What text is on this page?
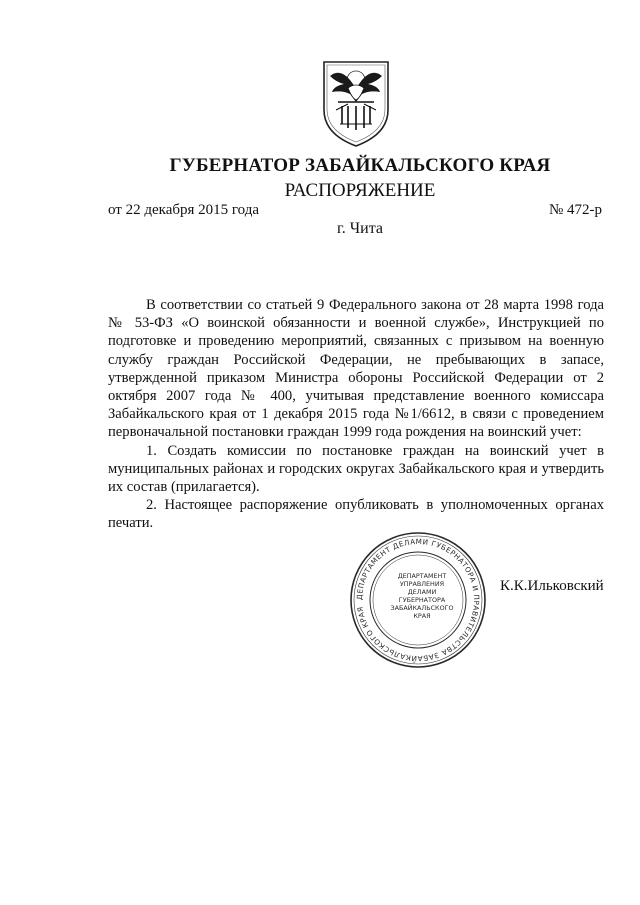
ГУБЕРНАТОР ЗАБАЙКАЛЬСКОГО КРАЯ
РАСПОРЯЖЕНИЕ
от 22 декабря 2015 года	№ 472-р
г. Чита

В соответствии со статьей 9 Федерального закона от 28 марта 1998 года № 53-ФЗ «О воинской обязанности и военной службе», Инструкцией по подготовке и проведению мероприятий, связанных с призывом на военную службу граждан Российской Федерации, не пребывающих в запасе, утвержденной приказом Министра обороны Российской Федерации от 2 октября 2007 года № 400, учитывая представление военного комиссара Забайкальского края от 1 декабря 2015 года №1/6612, в связи с проведением первоначальной постановки граждан 1999 года рождения на воинский учет:

1. Создать комиссии по постановке граждан на воинский учет в муниципальных районах и городских округах Забайкальского края и утвердить их состав (прилагается).

2. Настоящее распоряжение опубликовать в уполномоченных органах печати.

ДЕПАРТАМЕНТ ДЕЛАМИ ГУБЕРНАТОРА И ПРАВИТЕЛЬСТВА ЗАБАЙКАЛЬСКОГО КРАЯ
ДЕПАРТАМЕНТ
УПРАВЛЕНИЯ
ДЕЛАМИ
ГУБЕРНАТОРА
ЗАБАЙКАЛЬСКОГО
КРАЯ
К.К.Ильковский
